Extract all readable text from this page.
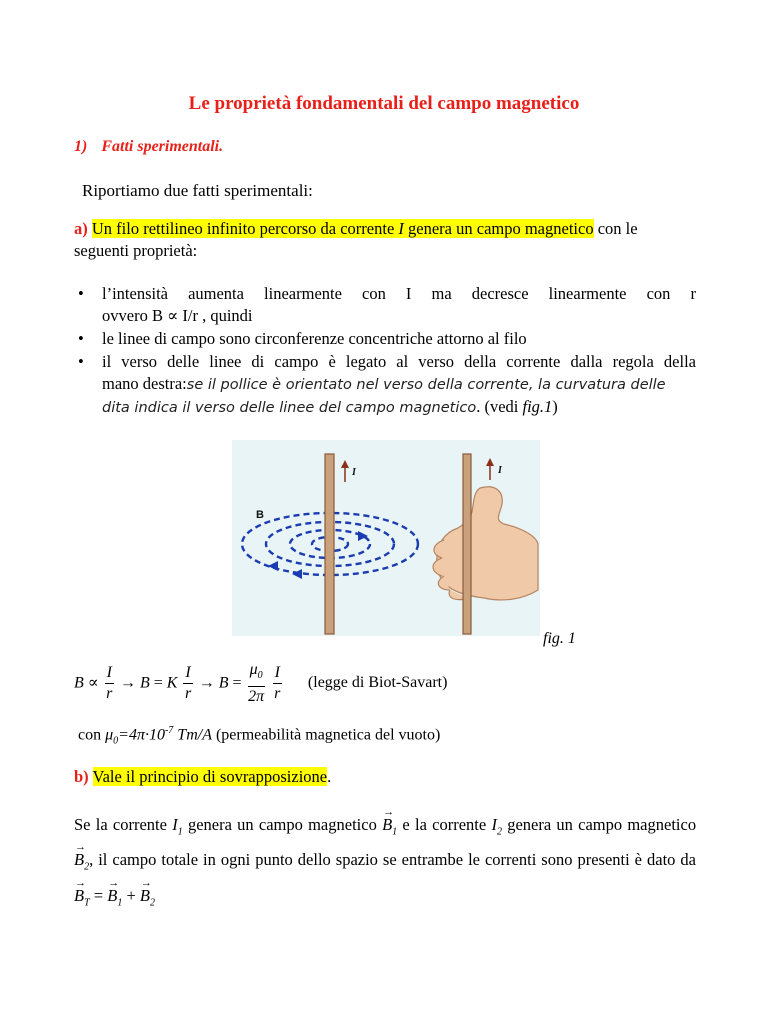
Le proprietà fondamentali del campo magnetico
1) Fatti sperimentali.
Riportiamo due fatti sperimentali:
a) Un filo rettilineo infinito percorso da corrente I genera un campo magnetico con le seguenti proprietà:
• l’intensità aumenta linearmente con I ma decresce linearmente con r
ovvero B ∝ I/r , quindi
• le linee di campo sono circonferenze concentriche attorno al filo
• il verso delle linee di campo è legato al verso della corrente dalla regola della
mano destra:se il pollice è orientato nel verso della corrente, la curvatura delle
dita indica il verso delle linee del campo magnetico. (vedi fig.1)
B
I	I
fig. 1
$B \propto \frac{I}{r} \to B = K \frac{I}{r} \to B = \frac{\mu_0}{2\pi}$
$\frac{I}{r}$ (legge di Biot-Savart)
con $\mu_0=4\pi\cdot 10^{-7}$ Tm/A (permeabilità magnetica del vuoto)
b) Vale il principio di sovrapposizione.
Se la corrente $I_1$ genera un campo magnetico → $B_1$ e la corrente $I_2$ genera un campo magnetico → $B_2$, il campo totale in ogni punto dello spazio se entrambe le correnti sono presenti è dato da → $B_T$ = → $B_1$ + → $B_2$
